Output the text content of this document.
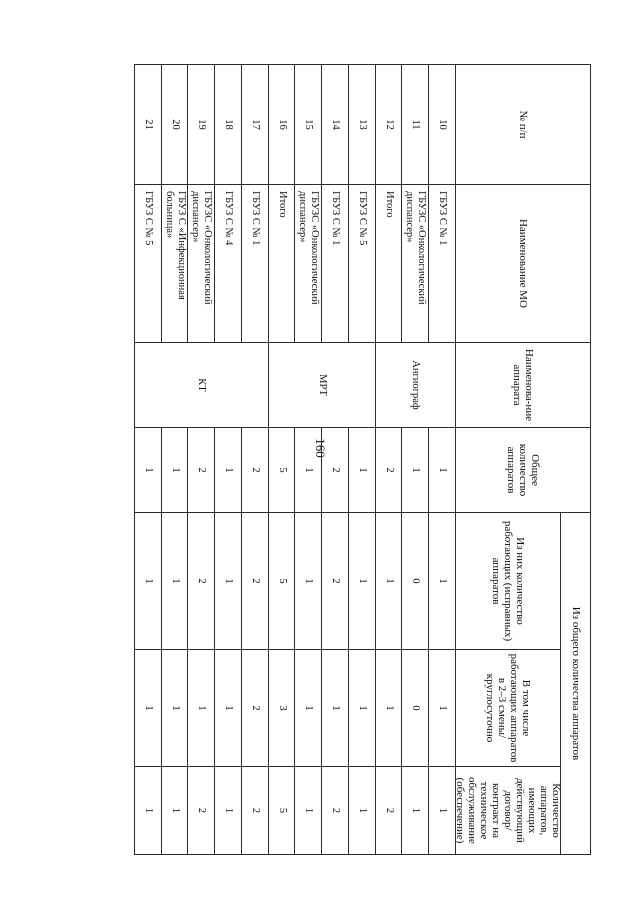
160
№ п/п
Наименование МО
Наименова-ние аппарата
Общее количество аппаратов
Из общего количества аппаратов
Из них количество работающих (исправных) аппаратов
В том числе работающих аппаратов в 2–3 смены/круглосуточно
Количество аппаратов, имеющих действующий договор/контракт на техническое обслуживание (обеспечение)
10
ГБУЗ С № 1
1
1
1
1
11
ГБУЗС «Онкологический диспансер»
1
0
0
1
12
Итого
2
1
1
2
13
ГБУЗ С № 5
1
1
1
1
14
ГБУЗ С № 1
2
2
1
2
15
ГБУЗС «Онкологический диспансер»
1
1
1
1
16
Итого
5
5
3
5
17
ГБУЗ С № 1
2
2
2
2
18
ГБУЗ С № 4
1
1
1
1
19
ГБУЗС «Онкологический диспансер»
2
2
1
2
20
ГБУЗ С «Инфекционная больница»
1
1
1
1
21
ГБУЗ С № 5
1
1
1
1
Ангиограф
МРТ
КТ
